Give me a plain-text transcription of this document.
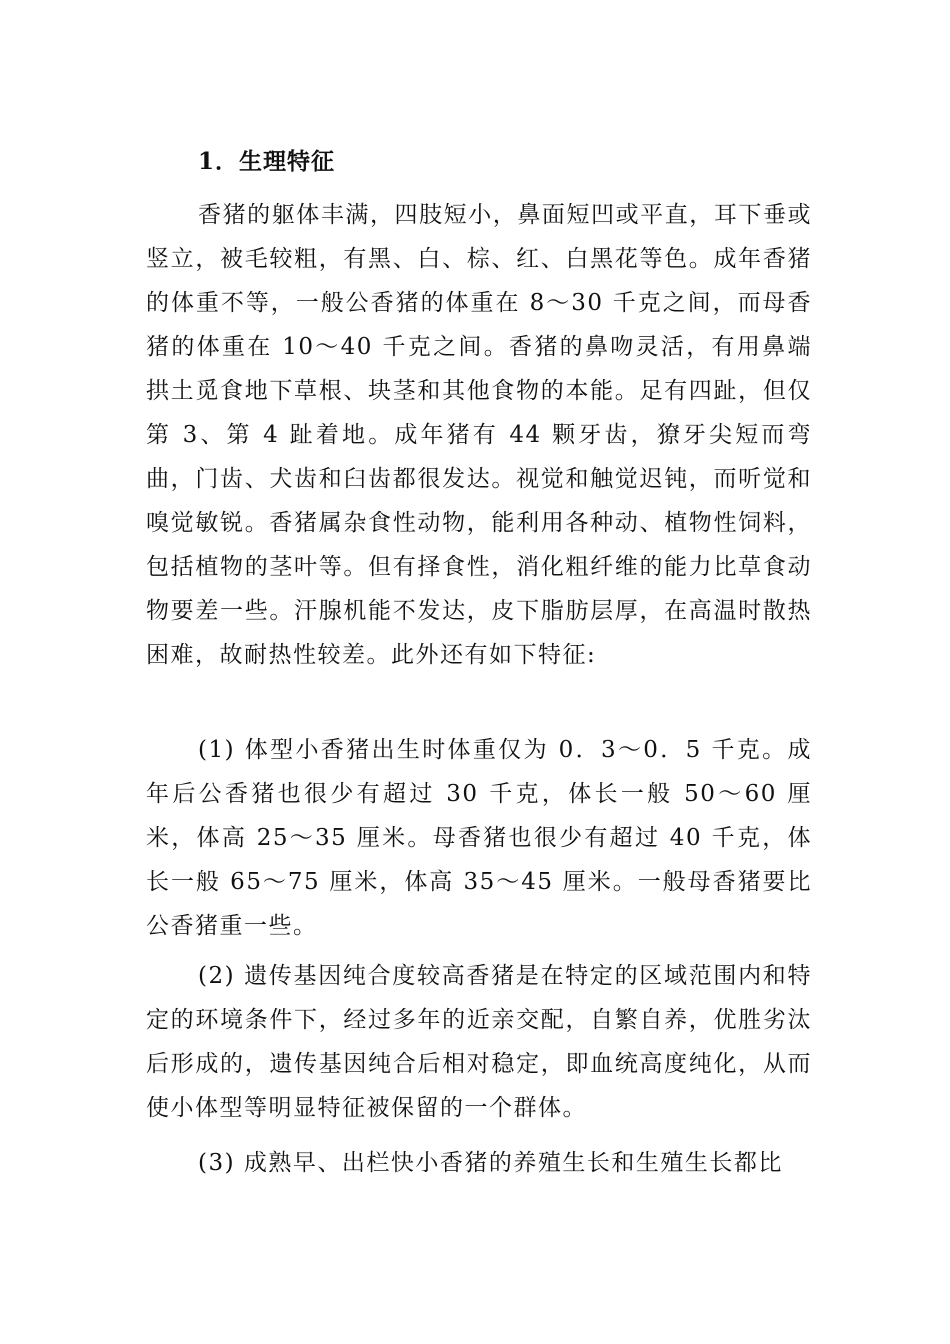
1．生理特征
香猪的躯体丰满，四肢短小，鼻面短凹或平直，耳下垂或竖立，被毛较粗，有黑、白、棕、红、白黑花等色。成年香猪的体重不等，一般公香猪的体重在 8～30 千克之间，而母香猪的体重在 10～40 千克之间。香猪的鼻吻灵活，有用鼻端拱土觅食地下草根、块茎和其他食物的本能。足有四趾，但仅第 3、第 4 趾着地。成年猪有 44 颗牙齿，獠牙尖短而弯曲，门齿、犬齿和臼齿都很发达。视觉和触觉迟钝，而听觉和嗅觉敏锐。香猪属杂食性动物，能利用各种动、植物性饲料，包括植物的茎叶等。但有择食性，消化粗纤维的能力比草食动物要差一些。汗腺机能不发达，皮下脂肪层厚，在高温时散热困难，故耐热性较差。此外还有如下特征:
(1) 体型小香猪出生时体重仅为 0．3～0．5 千克。成年后公香猪也很少有超过 30 千克，体长一般 50～60 厘米，体高 25～35 厘米。母香猪也很少有超过 40 千克，体长一般 65～75 厘米，体高 35～45 厘米。一般母香猪要比公香猪重一些。
(2) 遗传基因纯合度较高香猪是在特定的区域范围内和特定的环境条件下，经过多年的近亲交配，自繁自养，优胜劣汰后形成的，遗传基因纯合后相对稳定，即血统高度纯化，从而使小体型等明显特征被保留的一个群体。
(3) 成熟早、出栏快小香猪的养殖生长和生殖生长都比
